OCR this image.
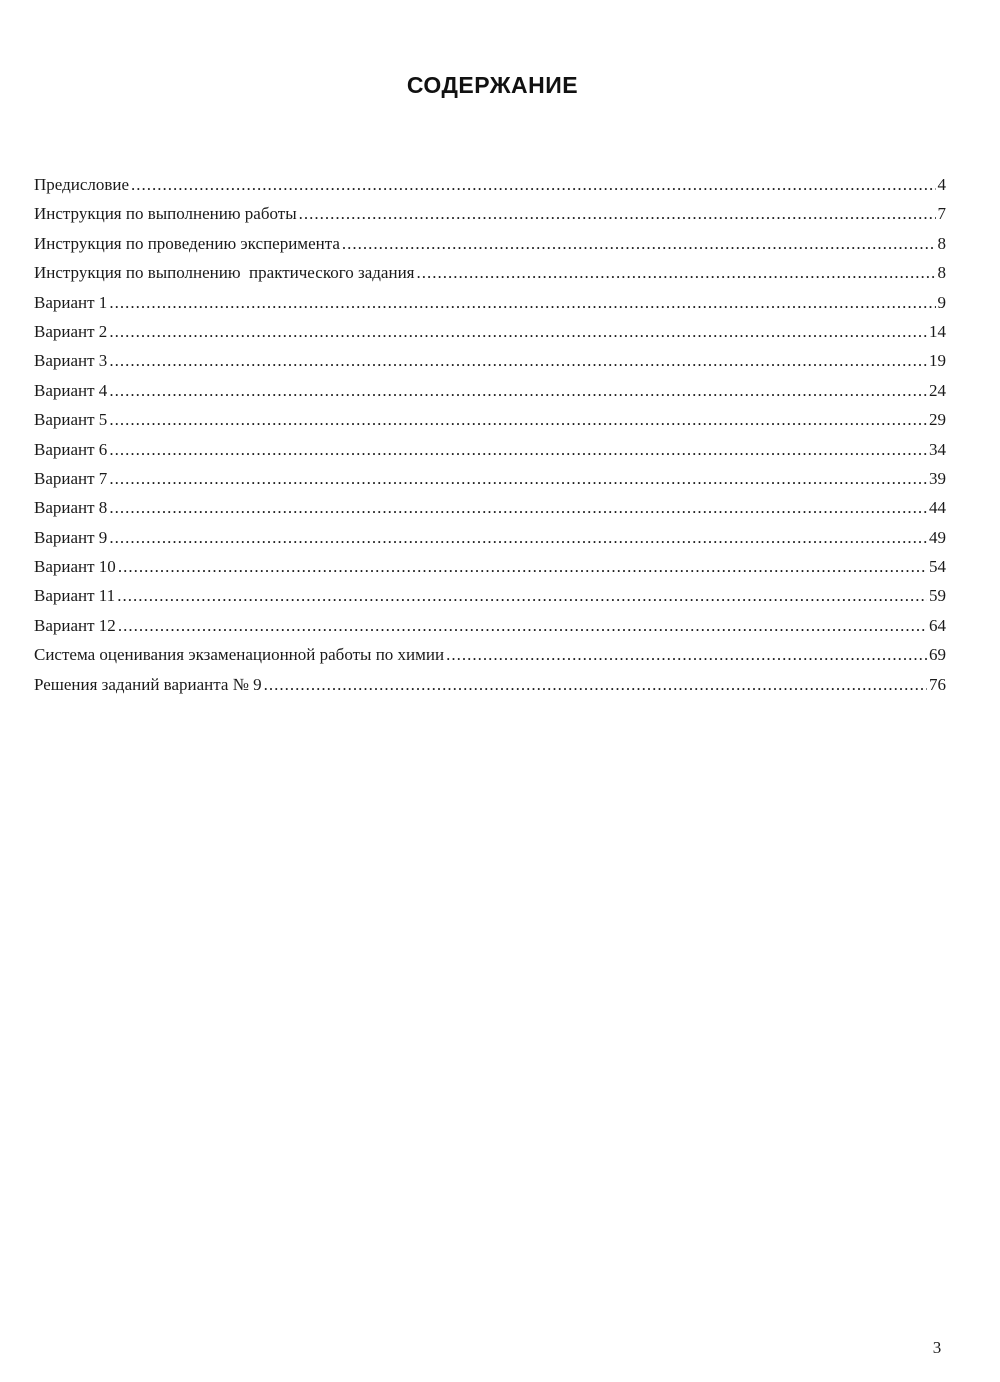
СОДЕРЖАНИЕ
Предисловие .....	4
Инструкция по выполнению работы .....	7
Инструкция по проведению эксперимента .....	8
Инструкция по выполнению  практического задания .....	8
Вариант 1 .....	9
Вариант 2 .....	14
Вариант 3 .....	19
Вариант 4 .....	24
Вариант 5 .....	29
Вариант 6 .....	34
Вариант 7 .....	39
Вариант 8 .....	44
Вариант 9 .....	49
Вариант 10 .....	54
Вариант 11 .....	59
Вариант 12 .....	64
Система оценивания экзаменационной работы по химии .....	69
Решения заданий варианта № 9 .....	76
3
